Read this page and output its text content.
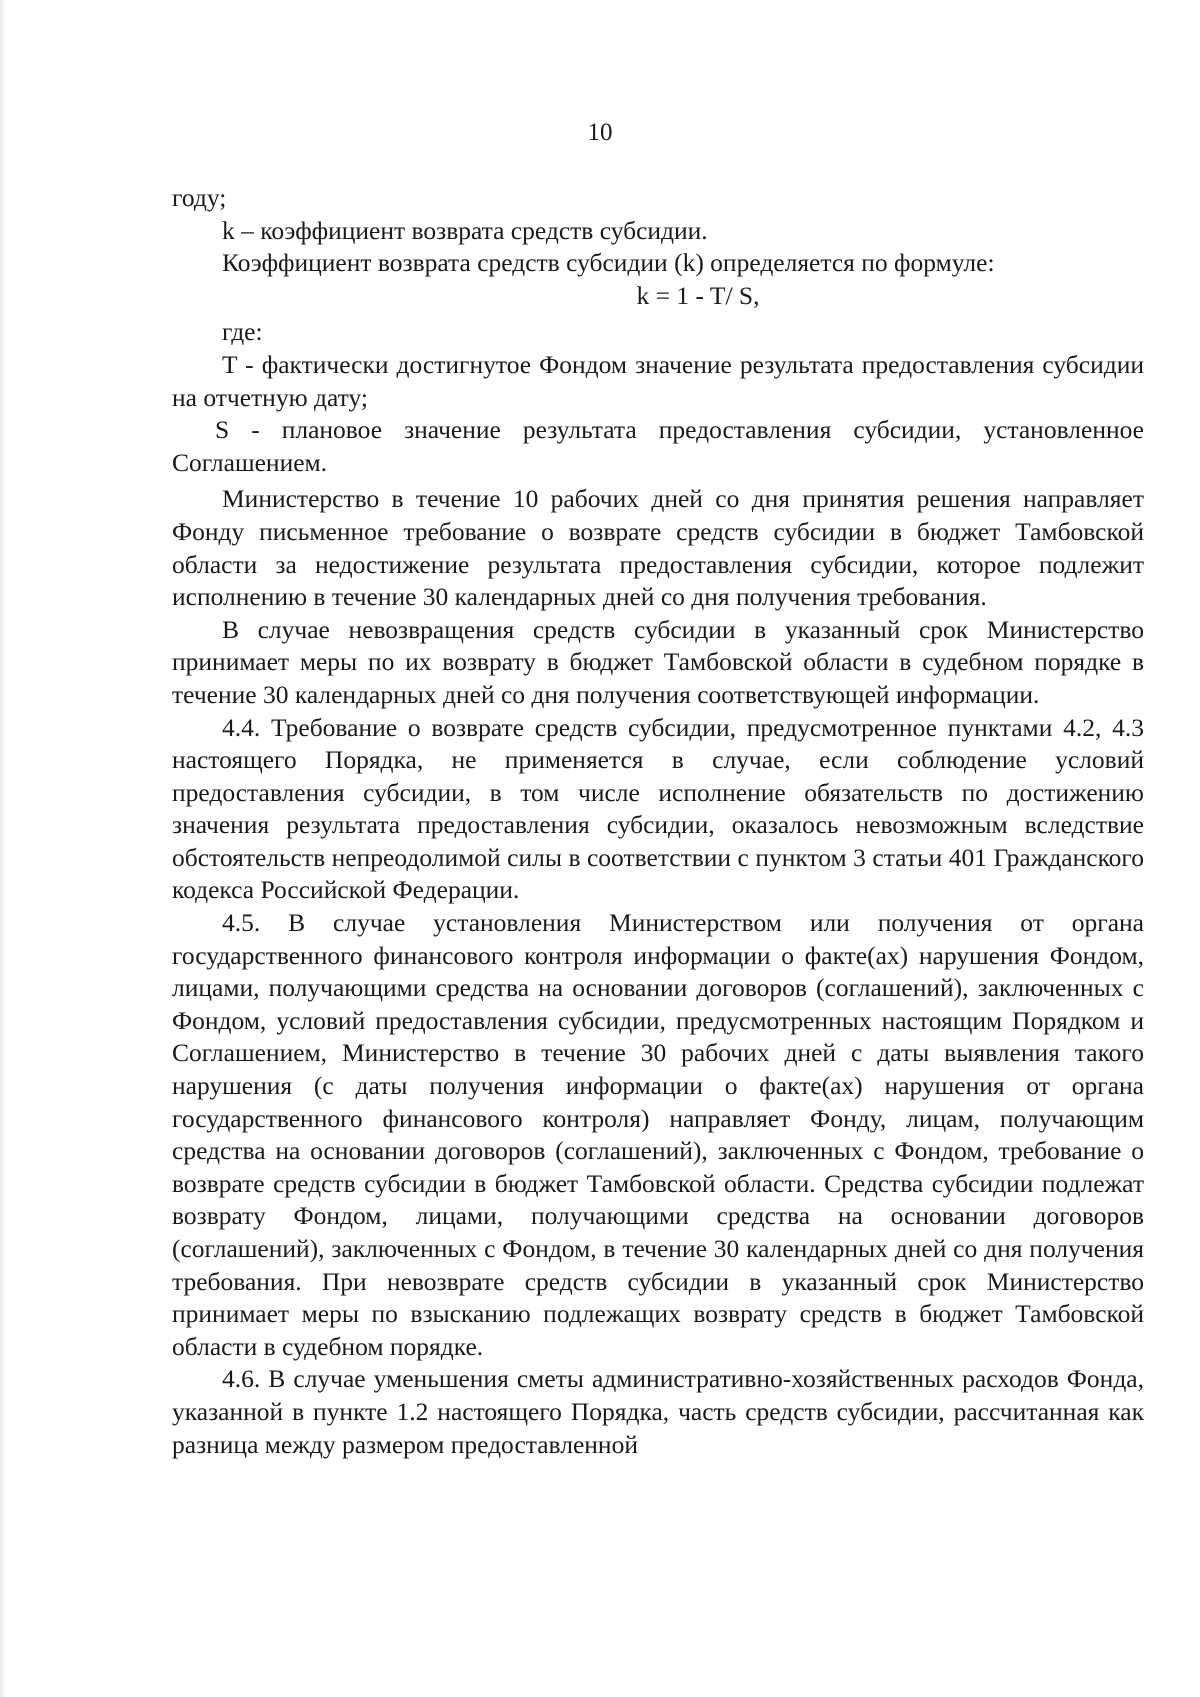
10

году;

k – коэффициент возврата средств субсидии.

Коэффициент возврата средств субсидии (k) определяется по формуле:

k = 1 - T/ S,

где:

T - фактически достигнутое Фондом значение результата предоставления субсидии на отчетную дату;

S - плановое значение результата предоставления субсидии, установленное Соглашением.

Министерство в течение 10 рабочих дней со дня принятия решения направляет Фонду письменное требование о возврате средств субсидии в бюджет Тамбовской области за недостижение результата предоставления субсидии, которое подлежит исполнению в течение 30 календарных дней со дня получения требования.

В случае невозвращения средств субсидии в указанный срок Министерство принимает меры по их возврату в бюджет Тамбовской области в судебном порядке в течение 30 календарных дней со дня получения соответствующей информации.

4.4. Требование о возврате средств субсидии, предусмотренное пунктами 4.2, 4.3 настоящего Порядка, не применяется в случае, если соблюдение условий предоставления субсидии, в том числе исполнение обязательств по достижению значения результата предоставления субсидии, оказалось невозможным вследствие обстоятельств непреодолимой силы в соответствии с пунктом 3 статьи 401 Гражданского кодекса Российской Федерации.

4.5. В случае установления Министерством или получения от органа государственного финансового контроля информации о факте(ах) нарушения Фондом, лицами, получающими средства на основании договоров (соглашений), заключенных с Фондом, условий предоставления субсидии, предусмотренных настоящим Порядком и Соглашением, Министерство в течение 30 рабочих дней с даты выявления такого нарушения (с даты получения информации о факте(ах) нарушения от органа государственного финансового контроля) направляет Фонду, лицам, получающим средства на основании договоров (соглашений), заключенных с Фондом, требование о возврате средств субсидии в бюджет Тамбовской области. Средства субсидии подлежат возврату Фондом, лицами, получающими средства на основании договоров (соглашений), заключенных с Фондом, в течение 30 календарных дней со дня получения требования. При невозврате средств субсидии в указанный срок Министерство принимает меры по взысканию подлежащих возврату средств в бюджет Тамбовской области в судебном порядке.

4.6. В случае уменьшения сметы административно-хозяйственных расходов Фонда, указанной в пункте 1.2 настоящего Порядка, часть средств субсидии, рассчитанная как разница между размером предоставленной
